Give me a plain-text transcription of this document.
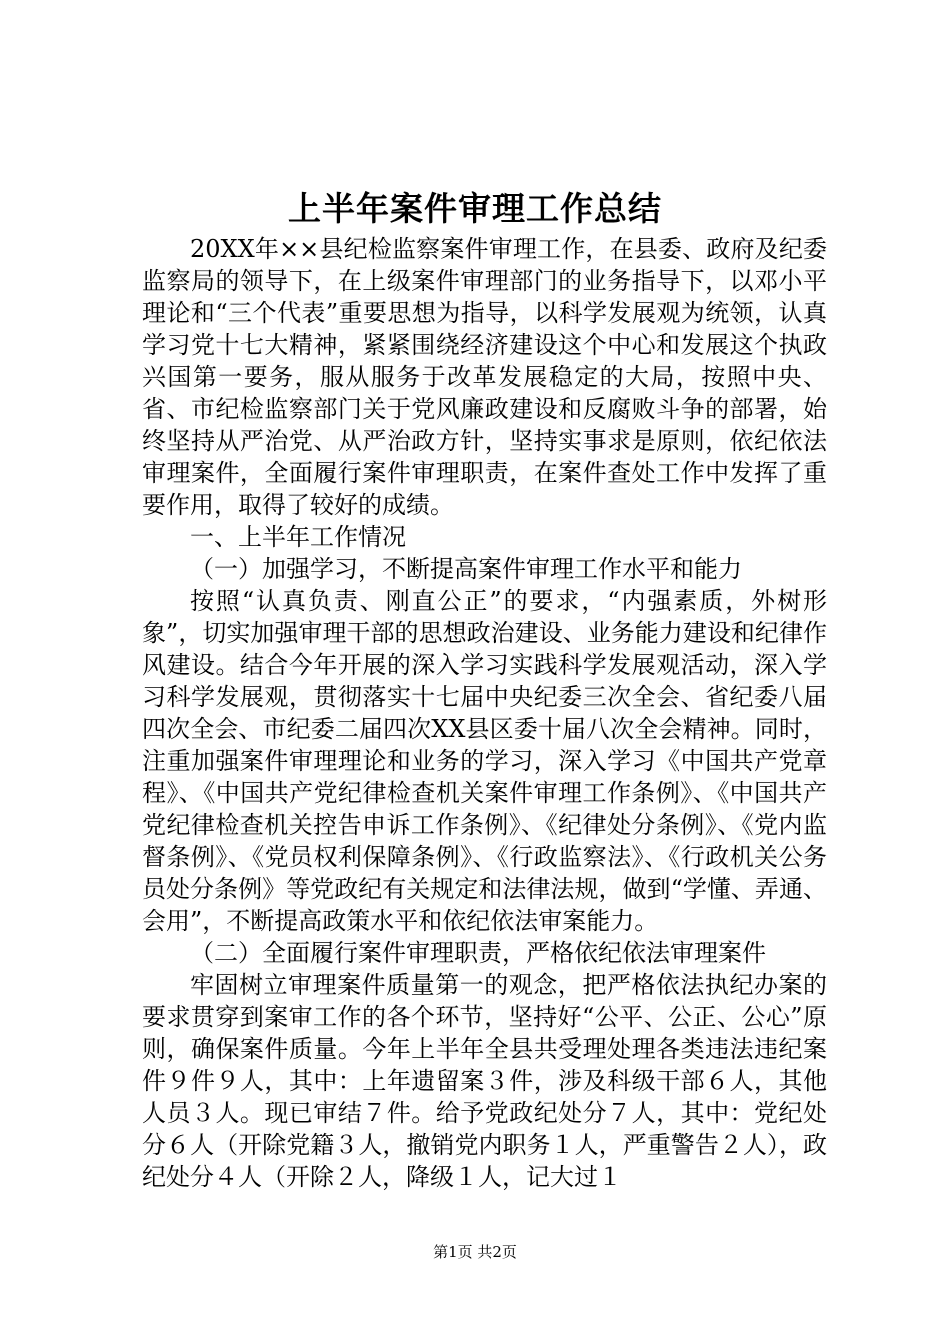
上半年案件审理工作总结

20XX年××县纪检监察案件审理工作，在县委、政府及纪委监察局的领导下，在上级案件审理部门的业务指导下，以邓小平理论和“三个代表”重要思想为指导，以科学发展观为统领，认真学习党十七大精神，紧紧围绕经济建设这个中心和发展这个执政兴国第一要务，服从服务于改革发展稳定的大局，按照中央、省、市纪检监察部门关于党风廉政建设和反腐败斗争的部署，始终坚持从严治党、从严治政方针，坚持实事求是原则，依纪依法审理案件，全面履行案件审理职责，在案件查处工作中发挥了重要作用，取得了较好的成绩。

一、上半年工作情况

（一）加强学习，不断提高案件审理工作水平和能力

按照“认真负责、刚直公正”的要求，“内强素质，外树形象”，切实加强审理干部的思想政治建设、业务能力建设和纪律作风建设。结合今年开展的深入学习实践科学发展观活动，深入学习科学发展观，贯彻落实十七届中央纪委三次全会、省纪委八届四次全会、市纪委二届四次XX县区委十届八次全会精神。同时，注重加强案件审理理论和业务的学习，深入学习《中国共产党章程》、《中国共产党纪律检查机关案件审理工作条例》、《中国共产党纪律检查机关控告申诉工作条例》、《纪律处分条例》、《党内监督条例》、《党员权利保障条例》、《行政监察法》、《行政机关公务员处分条例》等党政纪有关规定和法律法规，做到“学懂、弄通、会用”，不断提高政策水平和依纪依法审案能力。

（二）全面履行案件审理职责，严格依纪依法审理案件

牢固树立审理案件质量第一的观念，把严格依法执纪办案的要求贯穿到案审工作的各个环节，坚持好“公平、公正、公心”原则，确保案件质量。今年上半年全县共受理处理各类违法违纪案件９件９人，其中：上年遗留案３件，涉及科级干部６人，其他人员３人。现已审结７件。给予党政纪处分７人，其中：党纪处分６人（开除党籍３人，撤销党内职务１人，严重警告２人），政纪处分４人（开除２人，降级１人，记大过１

第1页 共2页
